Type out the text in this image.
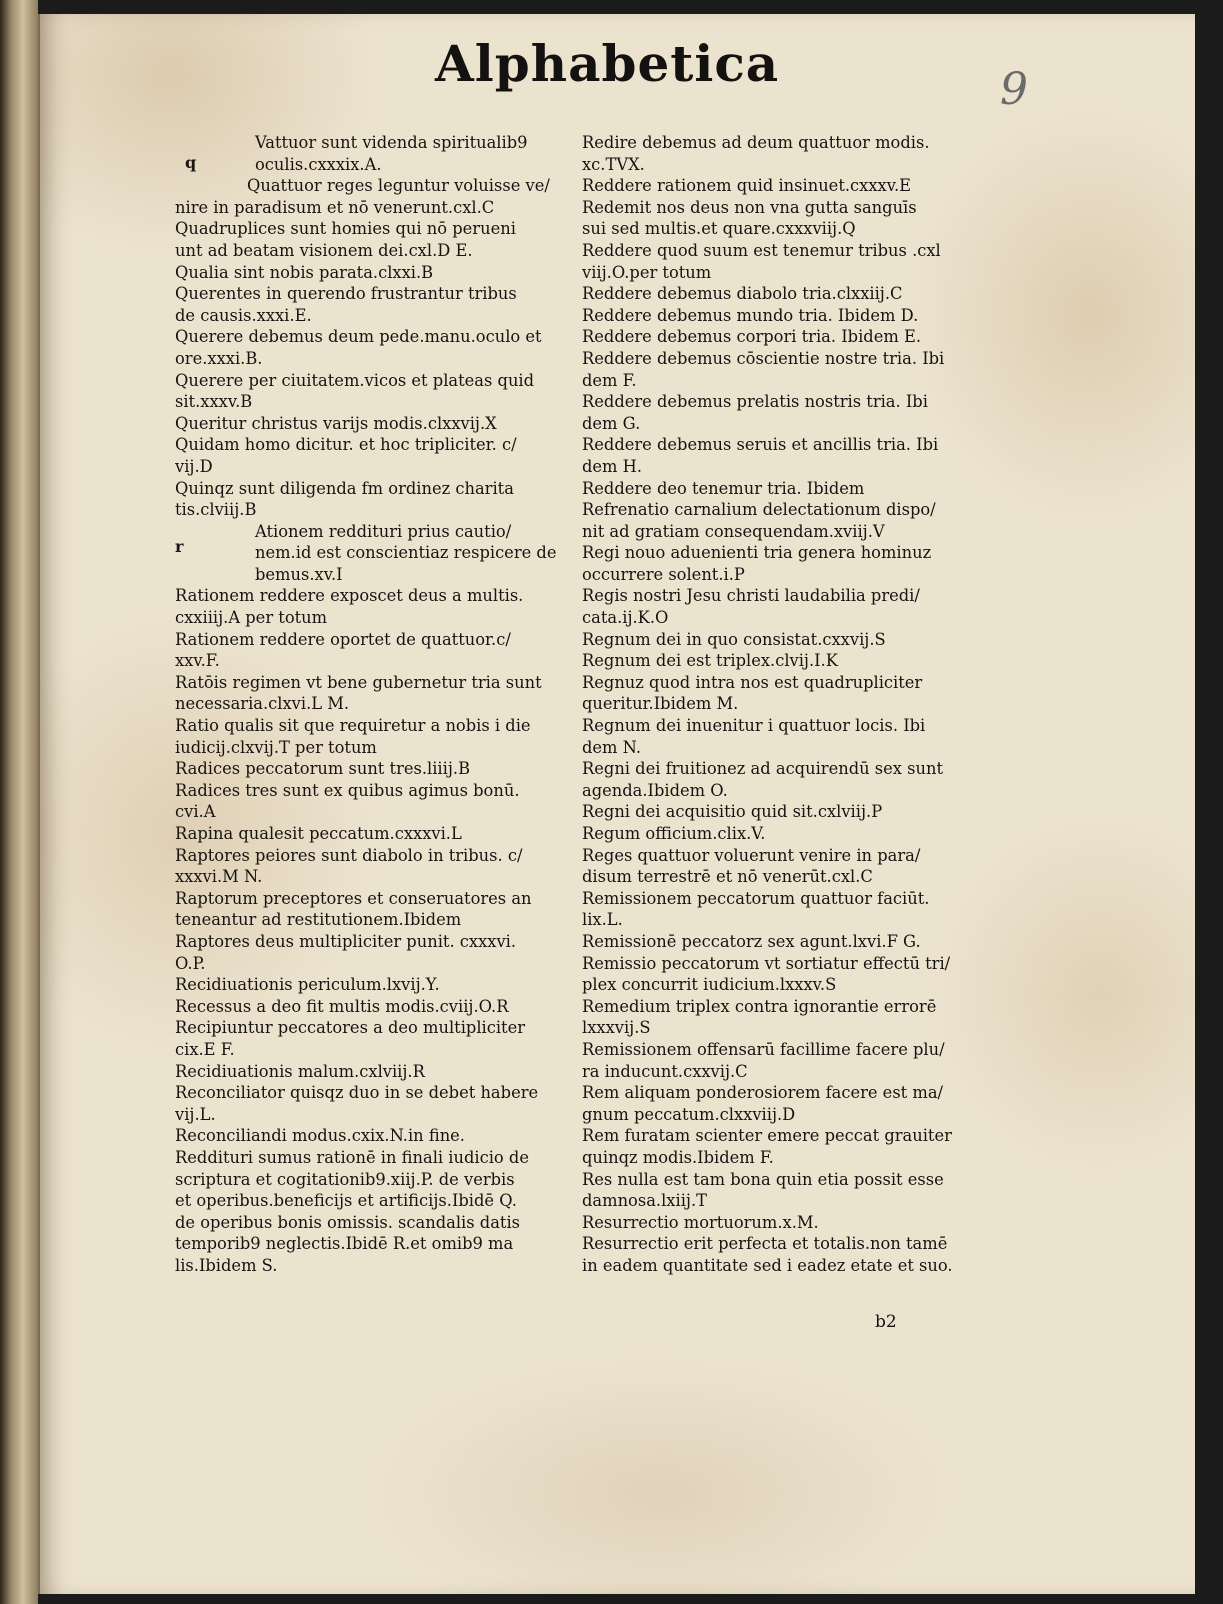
Alphabetica	9
q
r
Vattuor sunt videnda spiritualib9
oculis.cxxxix.A.
Quattuor reges leguntur voluisse ve/
nire in paradisum et nō venerunt.cxl.C
Quadruplices sunt homies qui nō perueni
unt ad beatam visionem dei.cxl.D E.
Qualia sint nobis parata.clxxi.B
Querentes in querendo frustrantur tribus
de causis.xxxi.E.
Querere debemus deum pede.manu.oculo et
ore.xxxi.B.
Querere per ciuitatem.vicos et plateas quid
sit.xxxv.B
Queritur christus varijs modis.clxxvij.X
Quidam homo dicitur. et hoc tripliciter. c/
vij.D
Quinqz sunt diligenda fm ordinez charita
tis.clviij.B
Ationem reddituri prius cautio/
nem.id est conscientiaz respicere de
bemus.xv.I
Rationem reddere exposcet deus a multis.
cxxiiij.A per totum
Rationem reddere oportet de quattuor.c/
xxv.F.
Ratōis regimen vt bene gubernetur tria sunt
necessaria.clxvi.L M.
Ratio qualis sit que requiretur a nobis i die
iudicij.clxvij.T per totum
Radices peccatorum sunt tres.liiij.B
Radices tres sunt ex quibus agimus bonū.
cvi.A
Rapina qualesit peccatum.cxxxvi.L
Raptores peiores sunt diabolo in tribus. c/
xxxvi.M N.
Raptorum preceptores et conseruatores an
teneantur ad restitutionem.Ibidem
Raptores deus multipliciter punit. cxxxvi.
O.P.
Recidiuationis periculum.lxvij.Y.
Recessus a deo fit multis modis.cviij.O.R
Recipiuntur peccatores a deo multipliciter
cix.E F.
Recidiuationis malum.cxlviij.R
Reconciliator quisqz duo in se debet habere
vij.L.
Reconciliandi modus.cxix.N.in fine.
Reddituri sumus rationē in finali iudicio de
scriptura et cogitationib9.xiij.P. de verbis
et operibus.beneficijs et artificijs.Ibidē Q.
de operibus bonis omissis. scandalis datis
temporib9 neglectis.Ibidē R.et omib9 ma
lis.Ibidem S.
Redire debemus ad deum quattuor modis.
xc.TVX.
Reddere rationem quid insinuet.cxxxv.E
Redemit nos deus non vna gutta sanguīs
sui sed multis.et quare.cxxxviij.Q
Reddere quod suum est tenemur tribus .cxl
viij.O.per totum
Reddere debemus diabolo tria.clxxiij.C
Reddere debemus mundo tria. Ibidem D.
Reddere debemus corpori tria. Ibidem E.
Reddere debemus cōscientie nostre tria. Ibi
dem F.
Reddere debemus prelatis nostris tria. Ibi
dem G.
Reddere debemus seruis et ancillis tria. Ibi
dem H.
Reddere deo tenemur tria. Ibidem
Refrenatio carnalium delectationum dispo/
nit ad gratiam consequendam.xviij.V
Regi nouo aduenienti tria genera hominuz
occurrere solent.i.P
Regis nostri Jesu christi laudabilia predi/
cata.ij.K.O
Regnum dei in quo consistat.cxxvij.S
Regnum dei est triplex.clvij.I.K
Regnuz quod intra nos est quadrupliciter
queritur.Ibidem M.
Regnum dei inuenitur i quattuor locis. Ibi
dem N.
Regni dei fruitionez ad acquirendū sex sunt
agenda.Ibidem O.
Regni dei acquisitio quid sit.cxlviij.P
Regum officium.clix.V.
Reges quattuor voluerunt venire in para/
disum terrestrē et nō venerūt.cxl.C
Remissionem peccatorum quattuor faciūt.
lix.L.
Remissionē peccatorz sex agunt.lxvi.F G.
Remissio peccatorum vt sortiatur effectū tri/
plex concurrit iudicium.lxxxv.S
Remedium triplex contra ignorantie errorē
lxxxvij.S
Remissionem offensarū facillime facere plu/
ra inducunt.cxxvij.C
Rem aliquam ponderosiorem facere est ma/
gnum peccatum.clxxviij.D
Rem furatam scienter emere peccat grauiter
quinqz modis.Ibidem F.
Res nulla est tam bona quin etia possit esse
damnosa.lxiij.T
Resurrectio mortuorum.x.M.
Resurrectio erit perfecta et totalis.non tamē
in eadem quantitate sed i eadez etate et suo.
b2
